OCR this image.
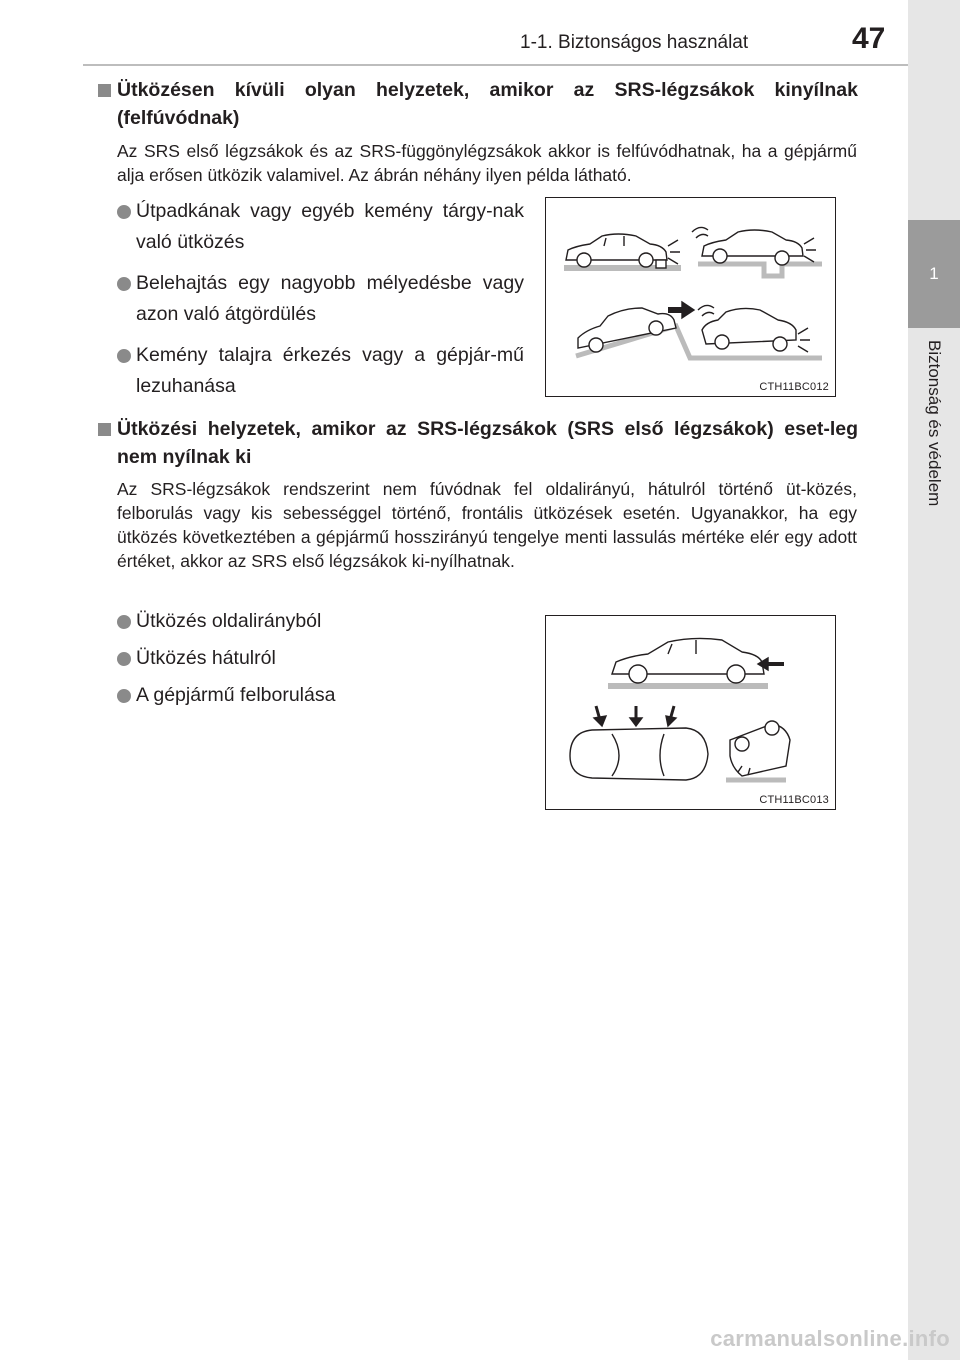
1-1. Biztonságos használat	47
1
Biztonság és védelem
Ütközésen kívüli olyan helyzetek, amikor az SRS-légzsákok kinyílnak (felfúvódnak)
Az SRS első légzsákok és az SRS-függönylégzsákok akkor is felfúvódhatnak, ha a gépjármű alja erősen ütközik valamivel. Az ábrán néhány ilyen példa látható.
Útpadkának vagy egyéb kemény tárgy-nak való ütközés
Belehajtás egy nagyobb mélyedésbe vagy azon való átgördülés
Kemény talajra érkezés vagy a gépjár-mű lezuhanása	CTH11BC012
Ütközési helyzetek, amikor az SRS-légzsákok (SRS első légzsákok) eset-leg nem nyílnak ki
Az SRS-légzsákok rendszerint nem fúvódnak fel oldalirányú, hátulról történő üt-közés, felborulás vagy kis sebességgel történő, frontális ütközések esetén. Ugyanakkor, ha egy ütközés következtében a gépjármű hosszirányú tengelye menti lassulás mértéke elér egy adott értéket, akkor az SRS első légzsákok ki-nyílhatnak.
Ütközés oldalirányból
Ütközés hátulról
A gépjármű felborulása
CTH11BC013
carmanualsonline.info
